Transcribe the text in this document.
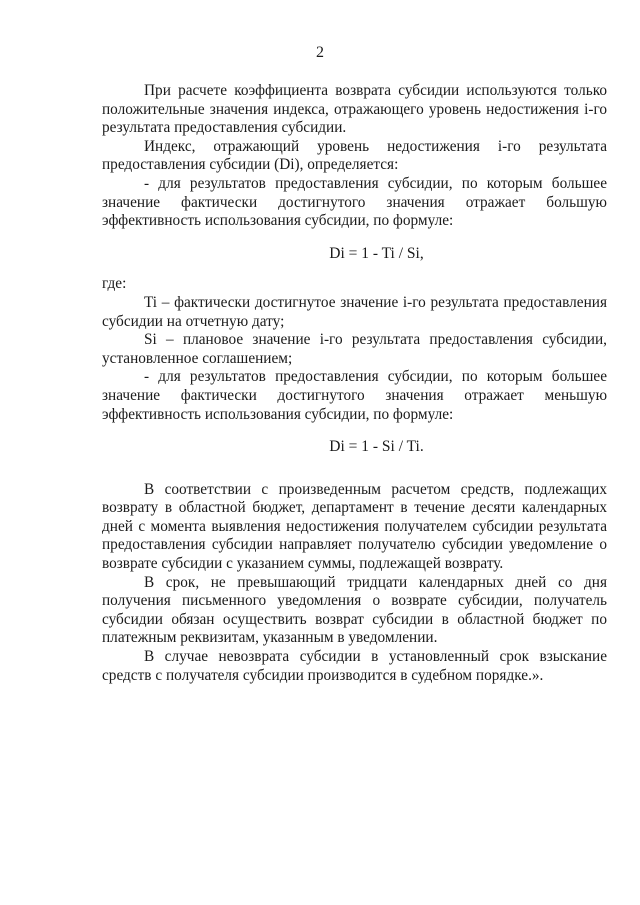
2

При расчете коэффициента возврата субсидии используются только положительные значения индекса, отражающего уровень недостижения i-го результата предоставления субсидии.

Индекс, отражающий уровень недостижения i-го результата предоставления субсидии (Di), определяется:

- для результатов предоставления субсидии, по которым большее значение фактически достигнутого значения отражает большую эффективность использования субсидии, по формуле:

Di = 1 - Ti / Si,

где:

Ti – фактически достигнутое значение i-го результата предоставления субсидии на отчетную дату;

Si – плановое значение i-го результата предоставления субсидии, установленное соглашением;

- для результатов предоставления субсидии, по которым большее значение фактически достигнутого значения отражает меньшую эффективность использования субсидии, по формуле:

Di = 1 - Si / Ti.

В соответствии с произведенным расчетом средств, подлежащих возврату в областной бюджет, департамент в течение десяти календарных дней с момента выявления недостижения получателем субсидии результата предоставления субсидии направляет получателю субсидии уведомление о возврате субсидии с указанием суммы, подлежащей возврату.

В срок, не превышающий тридцати календарных дней со дня получения письменного уведомления о возврате субсидии, получатель субсидии обязан осуществить возврат субсидии в областной бюджет по платежным реквизитам, указанным в уведомлении.

В случае невозврата субсидии в установленный срок взыскание средств с получателя субсидии производится в судебном порядке.».
